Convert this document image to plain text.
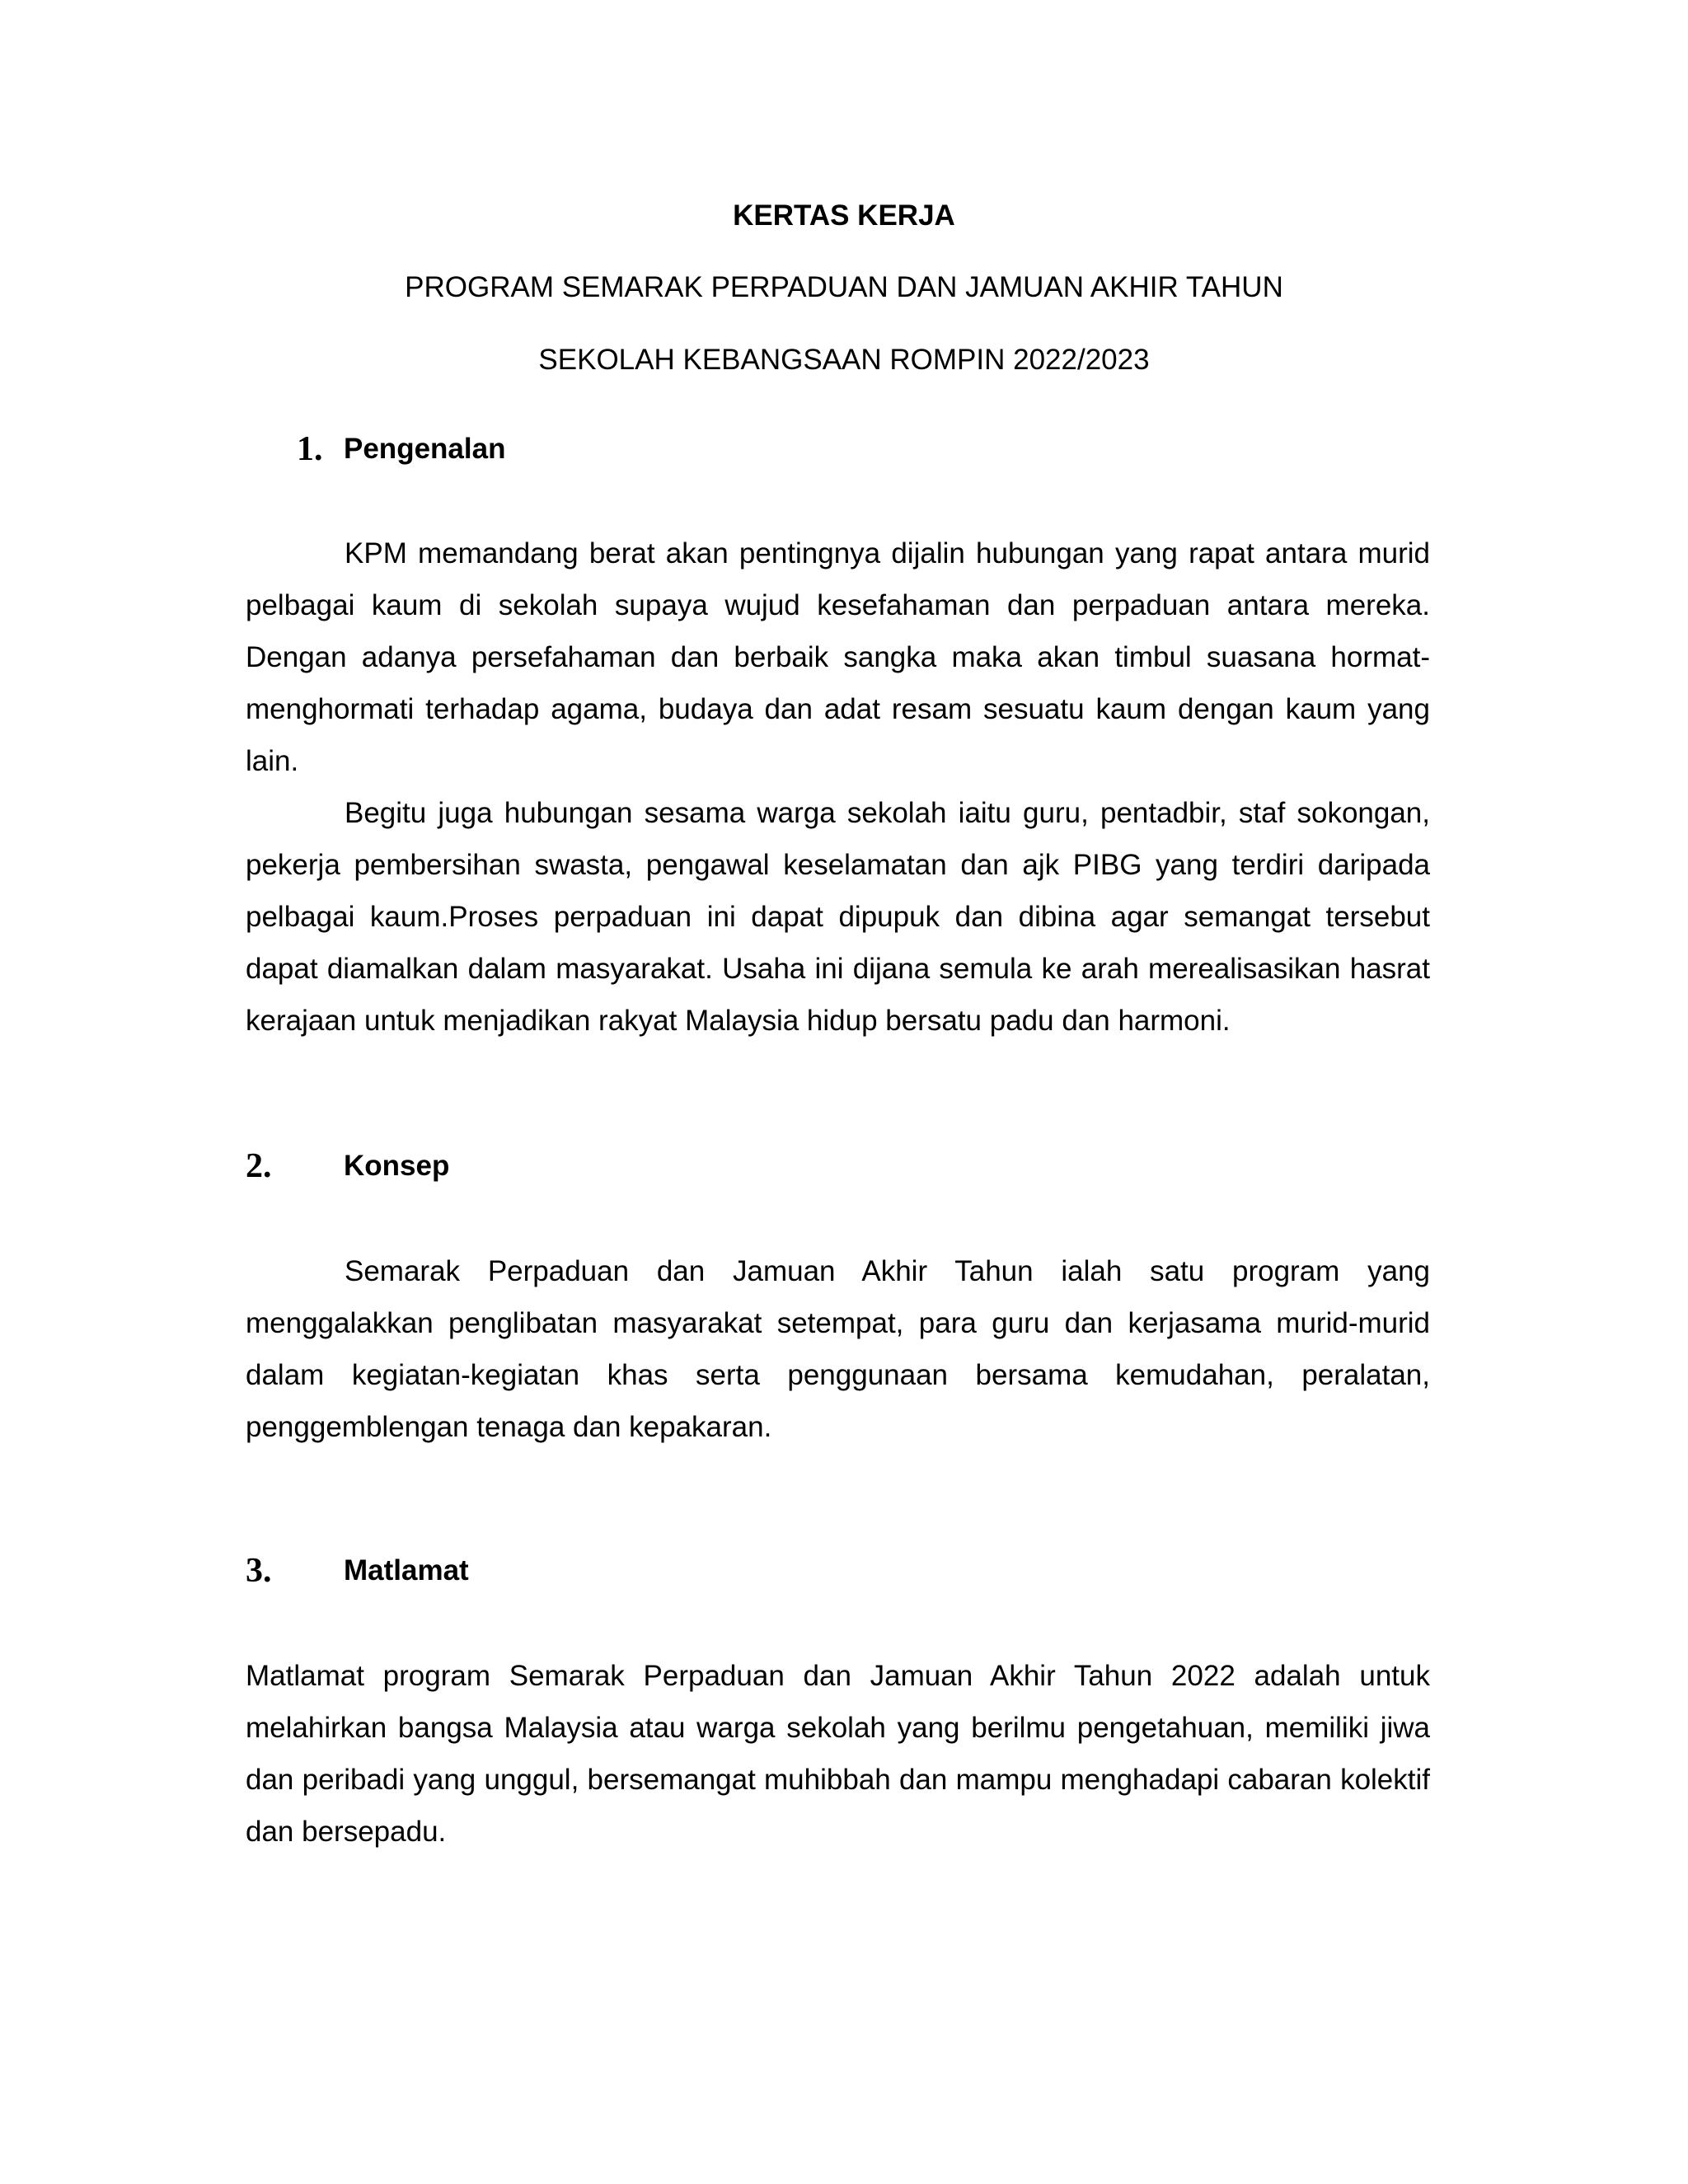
KERTAS KERJA
PROGRAM SEMARAK PERPADUAN DAN JAMUAN AKHIR TAHUN
SEKOLAH KEBANGSAAN ROMPIN 2022/2023
1. Pengenalan

KPM memandang berat akan pentingnya dijalin hubungan yang rapat antara murid pelbagai kaum di sekolah supaya wujud kesefahaman dan perpaduan antara mereka. Dengan adanya persefahaman dan berbaik sangka maka akan timbul suasana hormat-menghormati terhadap agama, budaya dan adat resam sesuatu kaum dengan kaum yang lain.

Begitu juga hubungan sesama warga sekolah iaitu guru, pentadbir, staf sokongan, pekerja pembersihan swasta, pengawal keselamatan dan ajk PIBG yang terdiri daripada pelbagai kaum.Proses perpaduan ini dapat dipupuk dan dibina agar semangat tersebut dapat diamalkan dalam masyarakat. Usaha ini dijana semula ke arah merealisasikan hasrat kerajaan untuk menjadikan rakyat Malaysia hidup bersatu padu dan harmoni.

2.	Konsep

Semarak Perpaduan dan Jamuan Akhir Tahun ialah satu program yang menggalakkan penglibatan masyarakat setempat, para guru dan kerjasama murid-murid dalam kegiatan-kegiatan khas serta penggunaan bersama kemudahan, peralatan, penggemblengan tenaga dan kepakaran.

3.	Matlamat

Matlamat program Semarak Perpaduan dan Jamuan Akhir Tahun 2022 adalah untuk melahirkan bangsa Malaysia atau warga sekolah yang berilmu pengetahuan, memiliki jiwa dan peribadi yang unggul, bersemangat muhibbah dan mampu menghadapi cabaran kolektif dan bersepadu.
